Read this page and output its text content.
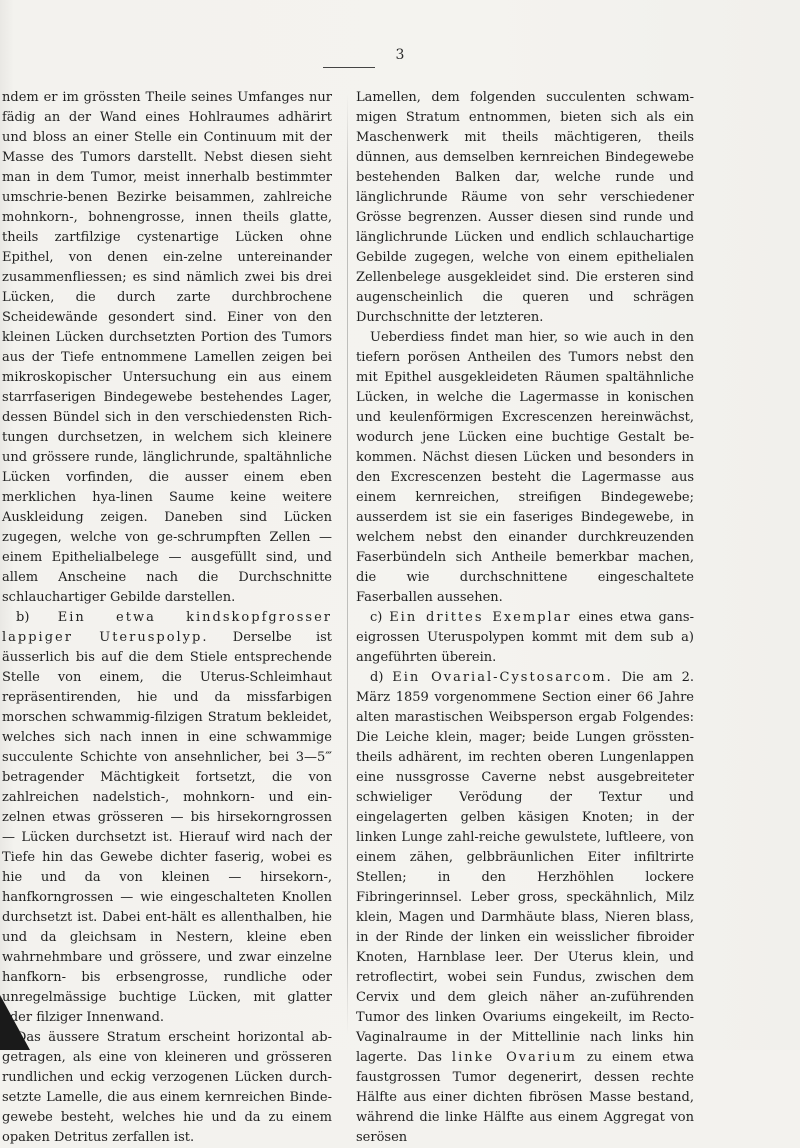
3

ndem er im grössten Theile seines Umfanges nur fädig an der Wand eines Hohlraumes adhärirt und bloss an einer Stelle ein Continuum mit der Masse des Tumors darstellt. Nebst diesen sieht man in dem Tumor, meist innerhalb bestimmter umschrie-benen Bezirke beisammen, zahlreiche mohnkorn-, bohnengrosse, innen theils glatte, theils zartfilzige cystenartige Lücken ohne Epithel, von denen ein-zelne untereinander zusammenfliessen; es sind nämlich zwei bis drei Lücken, die durch zarte durchbrochene Scheidewände gesondert sind. Einer von den kleinen Lücken durchsetzten Portion des Tumors aus der Tiefe entnommene Lamellen zeigen bei mikroskopischer Untersuchung ein aus einem starrfaserigen Bindegewebe bestehendes Lager, dessen Bündel sich in den verschiedensten Rich-tungen durchsetzen, in welchem sich kleinere und grössere runde, länglichrunde, spaltähnliche Lücken vorfinden, die ausser einem eben merklichen hya-linen Saume keine weitere Auskleidung zeigen. Daneben sind Lücken zugegen, welche von ge-schrumpften Zellen — einem Epithelialbelege — ausgefüllt sind, und allem Anscheine nach die Durchschnitte schlauchartiger Gebilde darstellen.

b) Ein etwa kindskopfgrosser lappiger Uteruspolyp. Derselbe ist äusserlich bis auf die dem Stiele entsprechende Stelle von einem, die Uterus-Schleimhaut repräsentirenden, hie und da missfarbigen morschen schwammig-filzigen Stratum bekleidet, welches sich nach innen in eine schwammige succulente Schichte von ansehnlicher, bei 3—5‴ betragender Mächtigkeit fortsetzt, die von zahlreichen nadelstich-, mohnkorn- und ein-zelnen etwas grösseren — bis hirsekorngrossen — Lücken durchsetzt ist. Hierauf wird nach der Tiefe hin das Gewebe dichter faserig, wobei es hie und da von kleinen — hirsekorn-, hanfkorngrossen — wie eingeschalteten Knollen durchsetzt ist. Dabei ent-hält es allenthalben, hie und da gleichsam in Nestern, kleine eben wahrnehmbare und grössere, und zwar einzelne hanfkorn- bis erbsengrosse, rundliche oder unregelmässige buchtige Lücken, mit glatter oder filziger Innenwand.

Das äussere Stratum erscheint horizontal ab-getragen, als eine von kleineren und grösseren rundlichen und eckig verzogenen Lücken durch-setzte Lamelle, die aus einem kernreichen Binde-gewebe besteht, welches hie und da zu einem opaken Detritus zerfallen ist.

Lamellen, dem folgenden succulenten schwam-migen Stratum entnommen, bieten sich als ein Maschenwerk mit theils mächtigeren, theils dünnen, aus demselben kernreichen Bindegewebe bestehenden Balken dar, welche runde und länglichrunde Räume von sehr verschiedener Grösse begrenzen. Ausser diesen sind runde und länglichrunde Lücken und endlich schlauchartige Gebilde zugegen, welche von einem epithelialen Zellenbelege ausgekleidet sind. Die ersteren sind augenscheinlich die queren und schrägen Durchschnitte der letzteren.

Ueberdiess findet man hier, so wie auch in den tiefern porösen Antheilen des Tumors nebst den mit Epithel ausgekleideten Räumen spaltähnliche Lücken, in welche die Lagermasse in konischen und keulenförmigen Excrescenzen hereinwächst, wodurch jene Lücken eine buchtige Gestalt be-kommen. Nächst diesen Lücken und besonders in den Excrescenzen besteht die Lagermasse aus einem kernreichen, streifigen Bindegewebe; ausserdem ist sie ein faseriges Bindegewebe, in welchem nebst den einander durchkreuzenden Faserbündeln sich Antheile bemerkbar machen, die wie durchschnittene eingeschaltete Faserballen aussehen.

c) Ein drittes Exemplar eines etwa gans-eigrossen Uteruspolypen kommt mit dem sub a) angeführten überein.

d) Ein Ovarial-Cystosarcom. Die am 2. März 1859 vorgenommene Section einer 66 Jahre alten marastischen Weibsperson ergab Folgendes: Die Leiche klein, mager; beide Lungen grössten-theils adhärent, im rechten oberen Lungenlappen eine nussgrosse Caverne nebst ausgebreiteter schwieliger Verödung der Textur und eingelagerten gelben käsigen Knoten; in der linken Lunge zahl-reiche gewulstete, luftleere, von einem zähen, gelbbräunlichen Eiter infiltrirte Stellen; in den Herzhöhlen lockere Fibringerinnsel. Leber gross, speckähnlich, Milz klein, Magen und Darmhäute blass, Nieren blass, in der Rinde der linken ein weisslicher fibroider Knoten, Harnblase leer. Der Uterus klein, und retroflectirt, wobei sein Fundus, zwischen dem Cervix und dem gleich näher an-zuführenden Tumor des linken Ovariums eingekeilt, im Recto-Vaginalraume in der Mittellinie nach links hin lagerte. Das linke Ovarium zu einem etwa faustgrossen Tumor degenerirt, dessen rechte Hälfte aus einer dichten fibrösen Masse bestand, während die linke Hälfte aus einem Aggregat von serösen
